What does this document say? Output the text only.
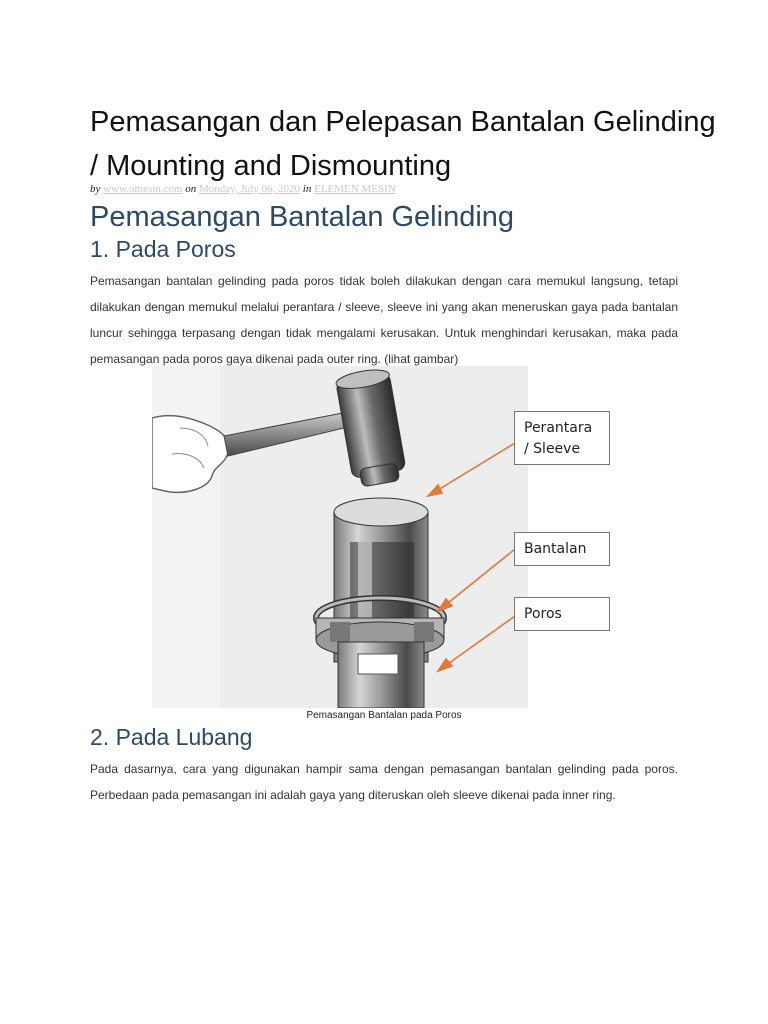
Pemasangan dan Pelepasan Bantalan Gelinding / Mounting and Dismounting
by www.omesin.com on Monday, July 06, 2020 in ELEMEN MESIN
Pemasangan Bantalan Gelinding
1. Pada Poros

Pemasangan bantalan gelinding pada poros tidak boleh dilakukan dengan cara memukul langsung, tetapi dilakukan dengan memukul melalui perantara / sleeve, sleeve ini yang akan meneruskan gaya pada bantalan luncur sehingga terpasang dengan tidak mengalami kerusakan. Untuk menghindari kerusakan, maka pada pemasangan pada poros gaya dikenai pada outer ring. (lihat gambar)

Perantara
/ Sleeve
Bantalan
Poros
Pemasangan Bantalan pada Poros
2. Pada Lubang

Pada dasarnya, cara yang digunakan hampir sama dengan pemasangan bantalan gelinding pada poros. Perbedaan pada pemasangan ini adalah gaya yang diteruskan oleh sleeve dikenai pada inner ring.
